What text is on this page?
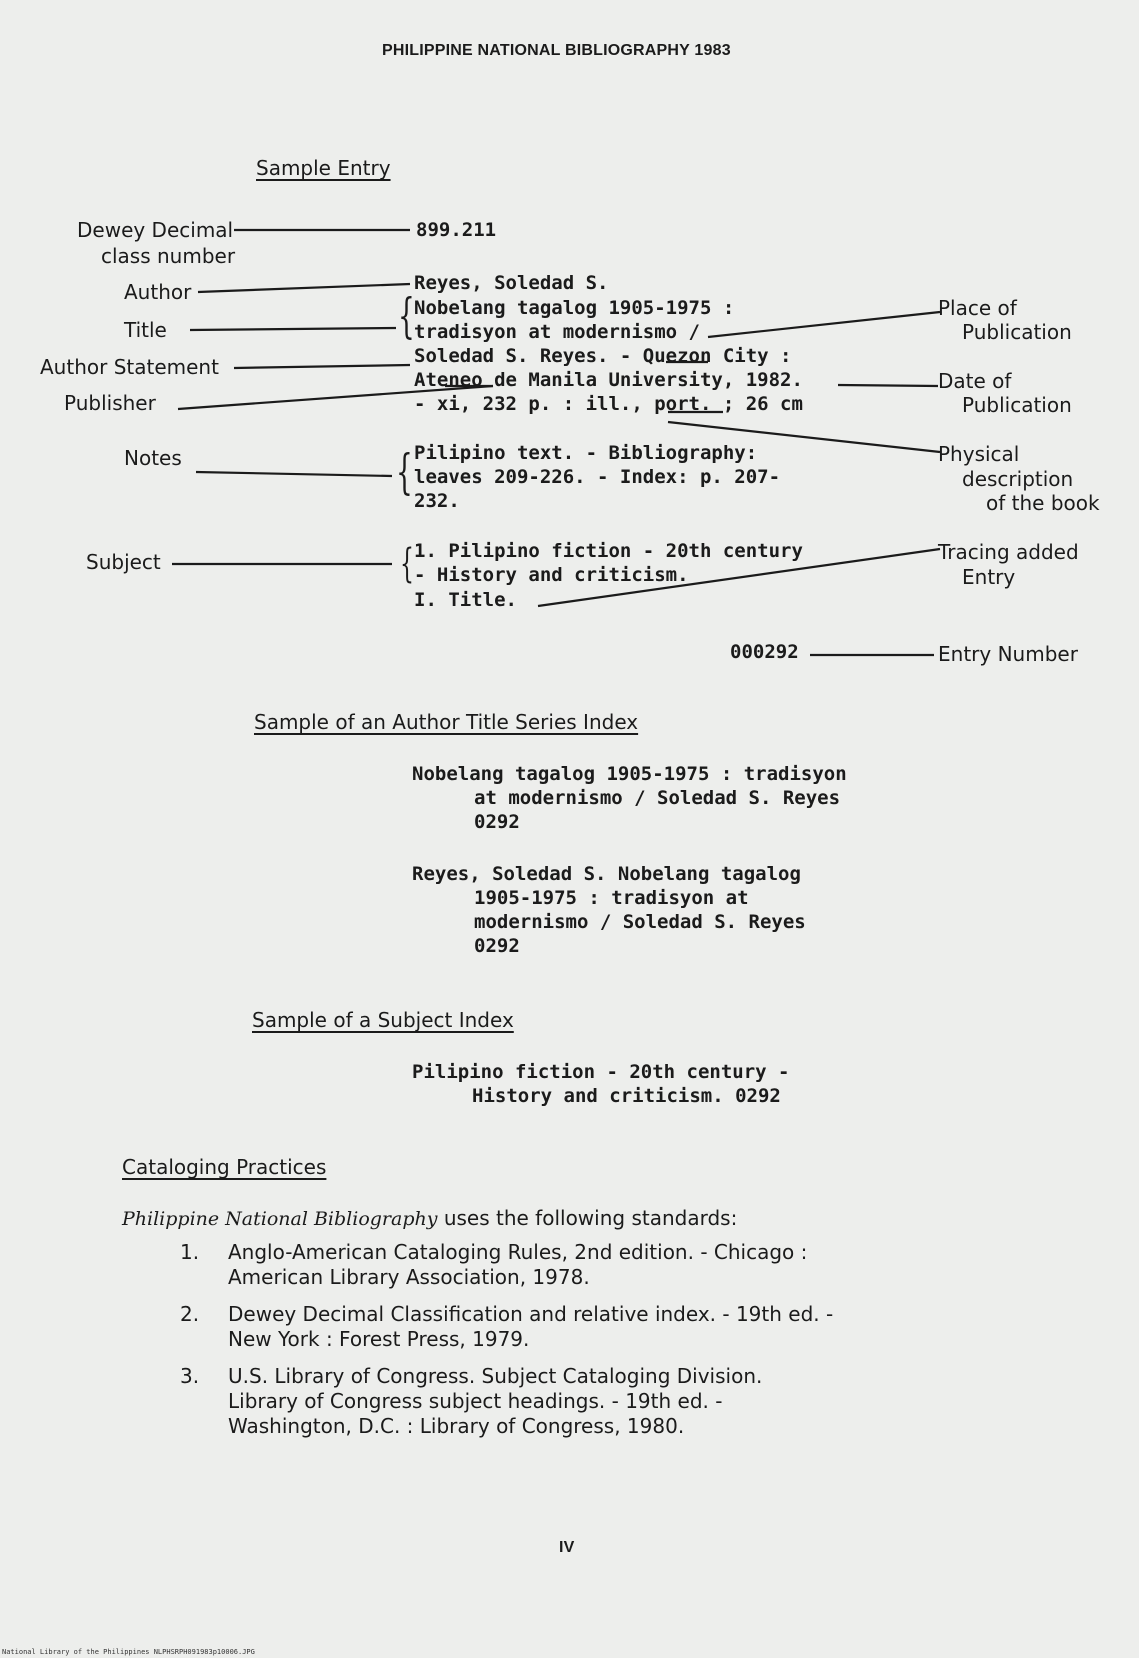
PHILIPPINE NATIONAL BIBLIOGRAPHY 1983
Sample Entry
Dewey Decimal
class number
Author
Title
Author Statement
Publisher
Notes
Subject
{
{
{
899.211
Reyes, Soledad S.
Nobelang tagalog 1905-1975 :
tradisyon at modernismo /
Soledad S. Reyes. - Quezon City :
Ateneo de Manila University, 1982.
- xi, 232 p. : ill., port. ; 26 cm
Pilipino text. - Bibliography:
leaves 209-226. - Index: p. 207-
232.
1. Pilipino fiction - 20th century
- History and criticism.
I. Title.
000292
Place of
Publication
Date of
Publication
Physical
description
of the book
Tracing added
Entry
Entry Number
Sample of an Author Title Series Index
Nobelang tagalog 1905-1975 : tradisyon
at modernismo / Soledad S. Reyes
0292
Reyes, Soledad S. Nobelang tagalog
1905-1975 : tradisyon at
modernismo / Soledad S. Reyes
0292
Sample of a Subject Index
Pilipino fiction - 20th century -
History and criticism. 0292
Cataloging Practices
Philippine National Bibliography uses the following standards:
1. Anglo-American Cataloging Rules, 2nd edition. - Chicago :
American Library Association, 1978.
2. Dewey Decimal Classification and relative index. - 19th ed. -
New York : Forest Press, 1979.
3. U.S. Library of Congress. Subject Cataloging Division.
Library of Congress subject headings. - 19th ed. -
Washington, D.C. : Library of Congress, 1980.
IV
National Library of the Philippines NLPHSRPH091983p10006.JPG
